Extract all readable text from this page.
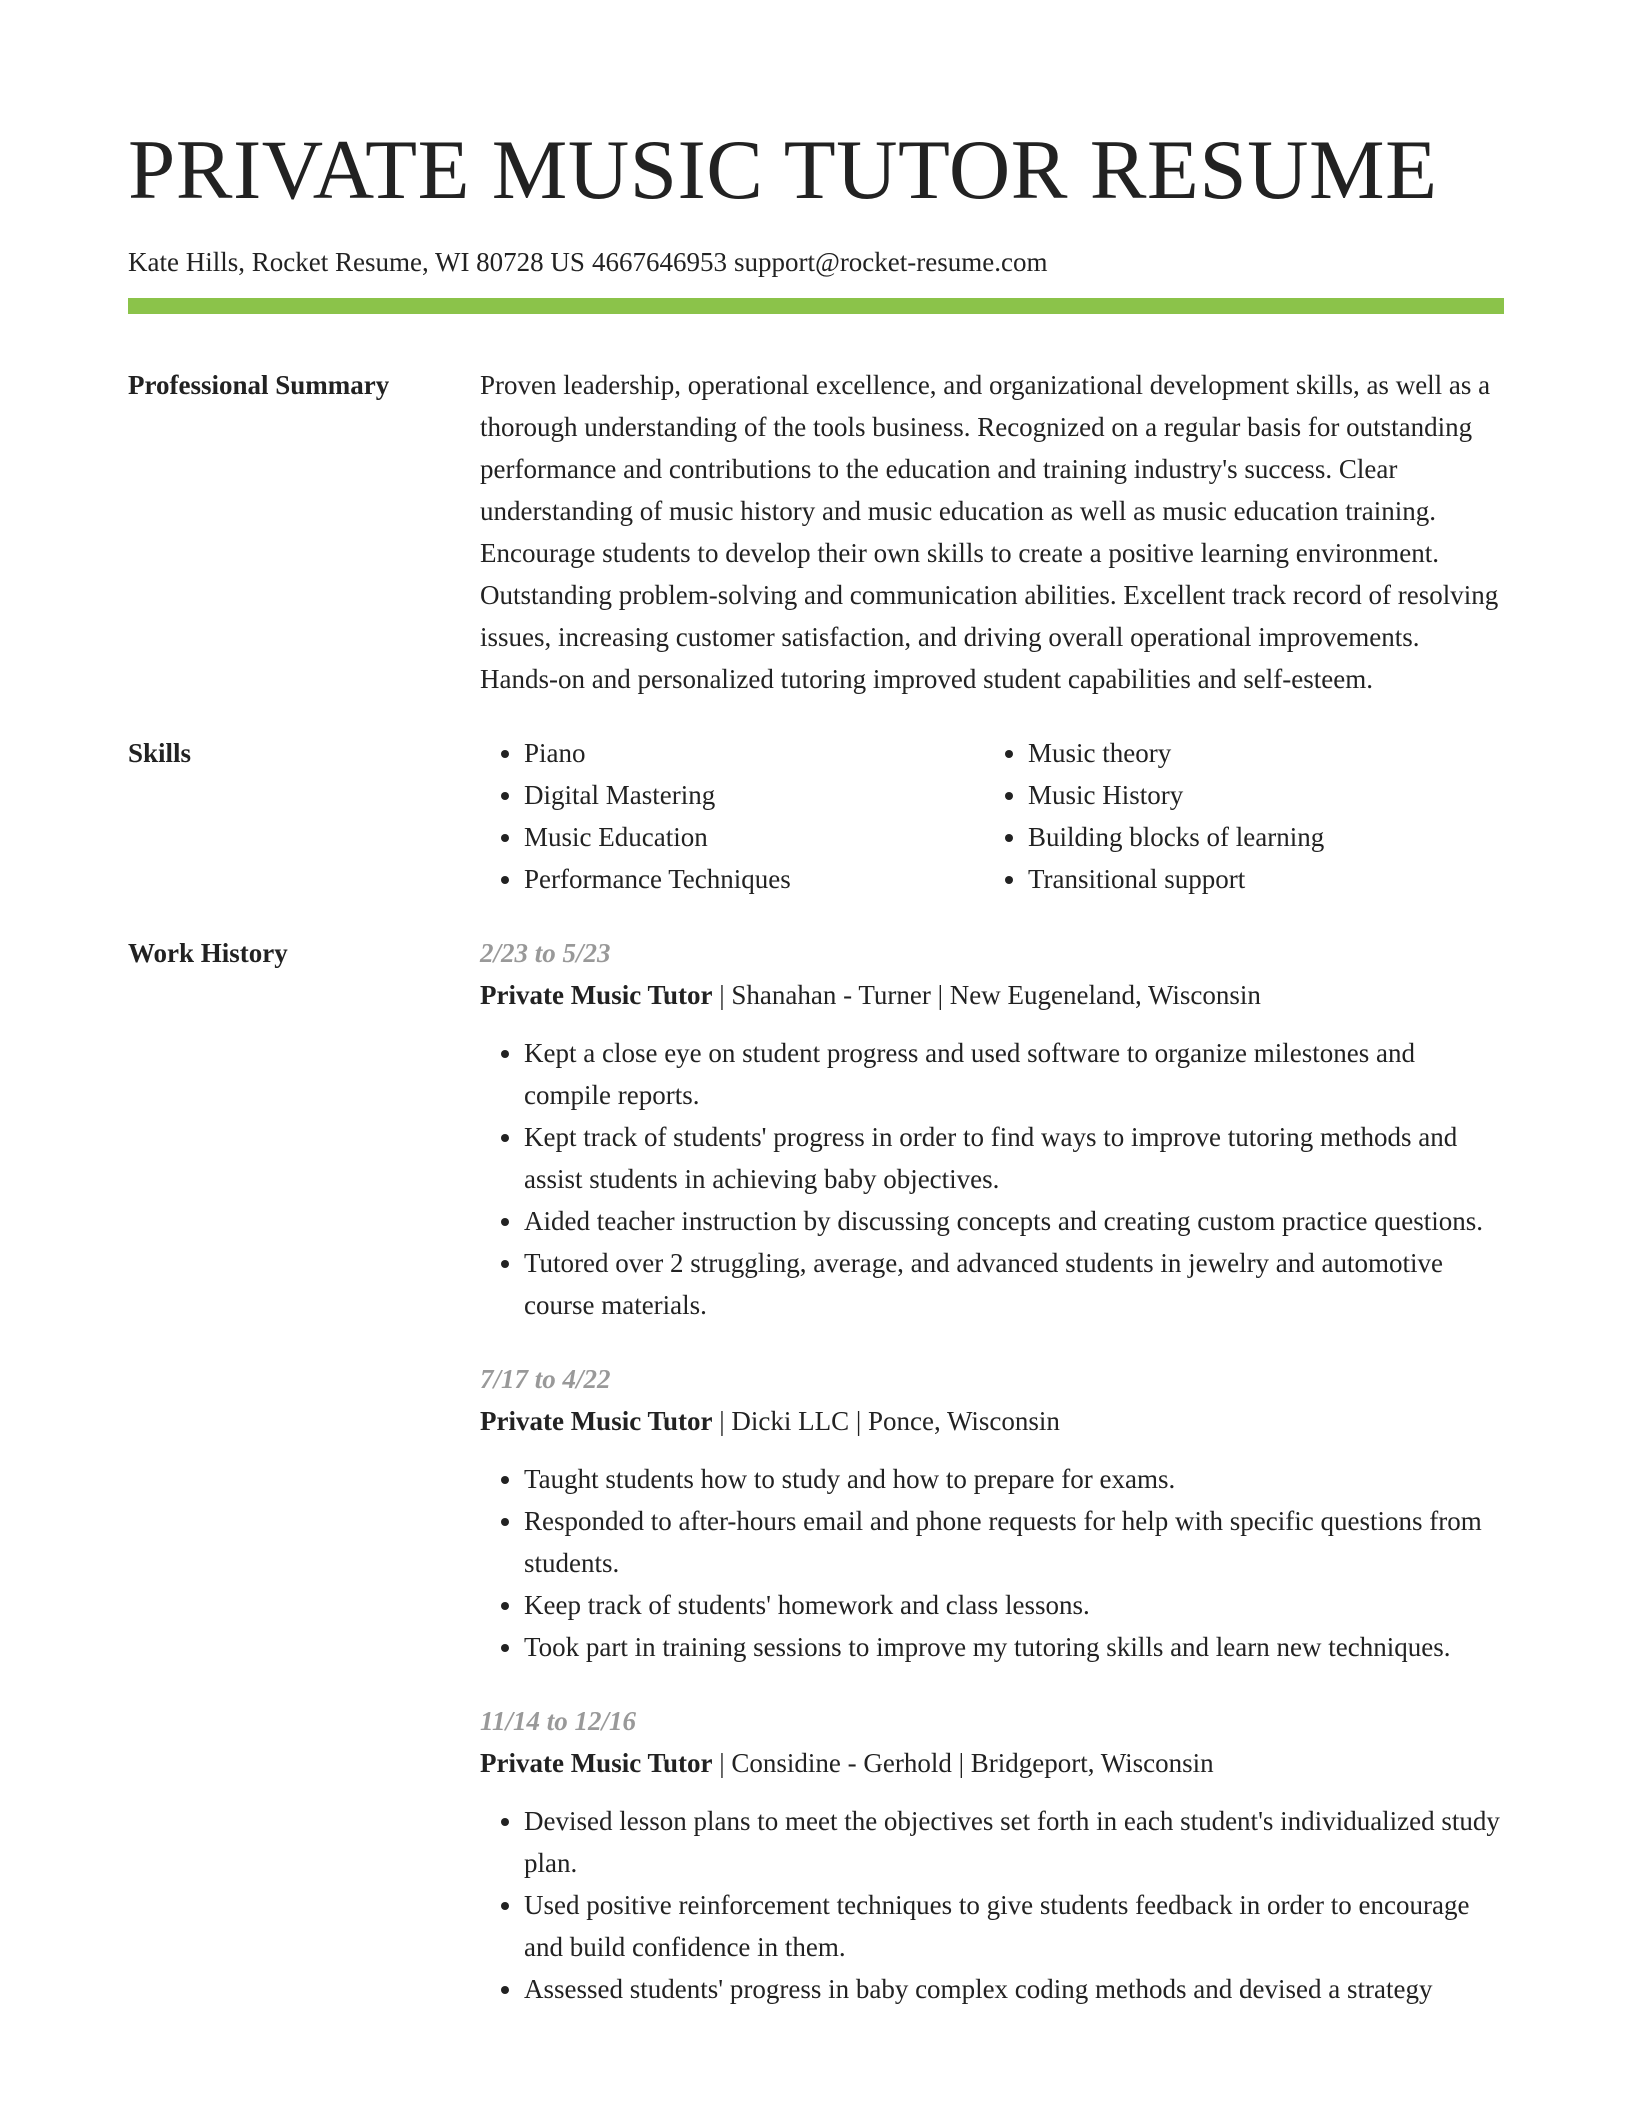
PRIVATE MUSIC TUTOR RESUME
Kate Hills, Rocket Resume, WI 80728 US 4667646953 support@rocket-resume.com
Professional Summary	Proven leadership, operational excellence, and organizational development skills, as well as a thorough understanding of the tools business. Recognized on a regular basis for outstanding performance and contributions to the education and training industry's success. Clear understanding of music history and music education as well as music education training. Encourage students to develop their own skills to create a positive learning environment. Outstanding problem-solving and communication abilities. Excellent track record of resolving issues, increasing customer satisfaction, and driving overall operational improvements. Hands-on and personalized tutoring improved student capabilities and self-esteem.

Skills
•	Piano
• Digital Mastering
• Music Education
• Performance Techniques
• Music theory
• Music History
• Building blocks of learning
• Transitional support
Work History	2/23 to 5/23
Private Music Tutor | Shanahan - Turner | New Eugeneland, Wisconsin
• Kept a close eye on student progress and used software to organize milestones and compile reports.
• Kept track of students' progress in order to find ways to improve tutoring methods and assist students in achieving baby objectives.
• Aided teacher instruction by discussing concepts and creating custom practice questions.
• Tutored over 2 struggling, average, and advanced students in jewelry and automotive course materials.
7/17 to 4/22
Private Music Tutor | Dicki LLC | Ponce, Wisconsin
• Taught students how to study and how to prepare for exams.
• Responded to after-hours email and phone requests for help with specific questions from students.
• Keep track of students' homework and class lessons.
• Took part in training sessions to improve my tutoring skills and learn new techniques.
11/14 to 12/16
Private Music Tutor | Considine - Gerhold | Bridgeport, Wisconsin
• Devised lesson plans to meet the objectives set forth in each student's individualized study plan.
• Used positive reinforcement techniques to give students feedback in order to encourage and build confidence in them.
• Assessed students' progress in baby complex coding methods and devised a strategy
